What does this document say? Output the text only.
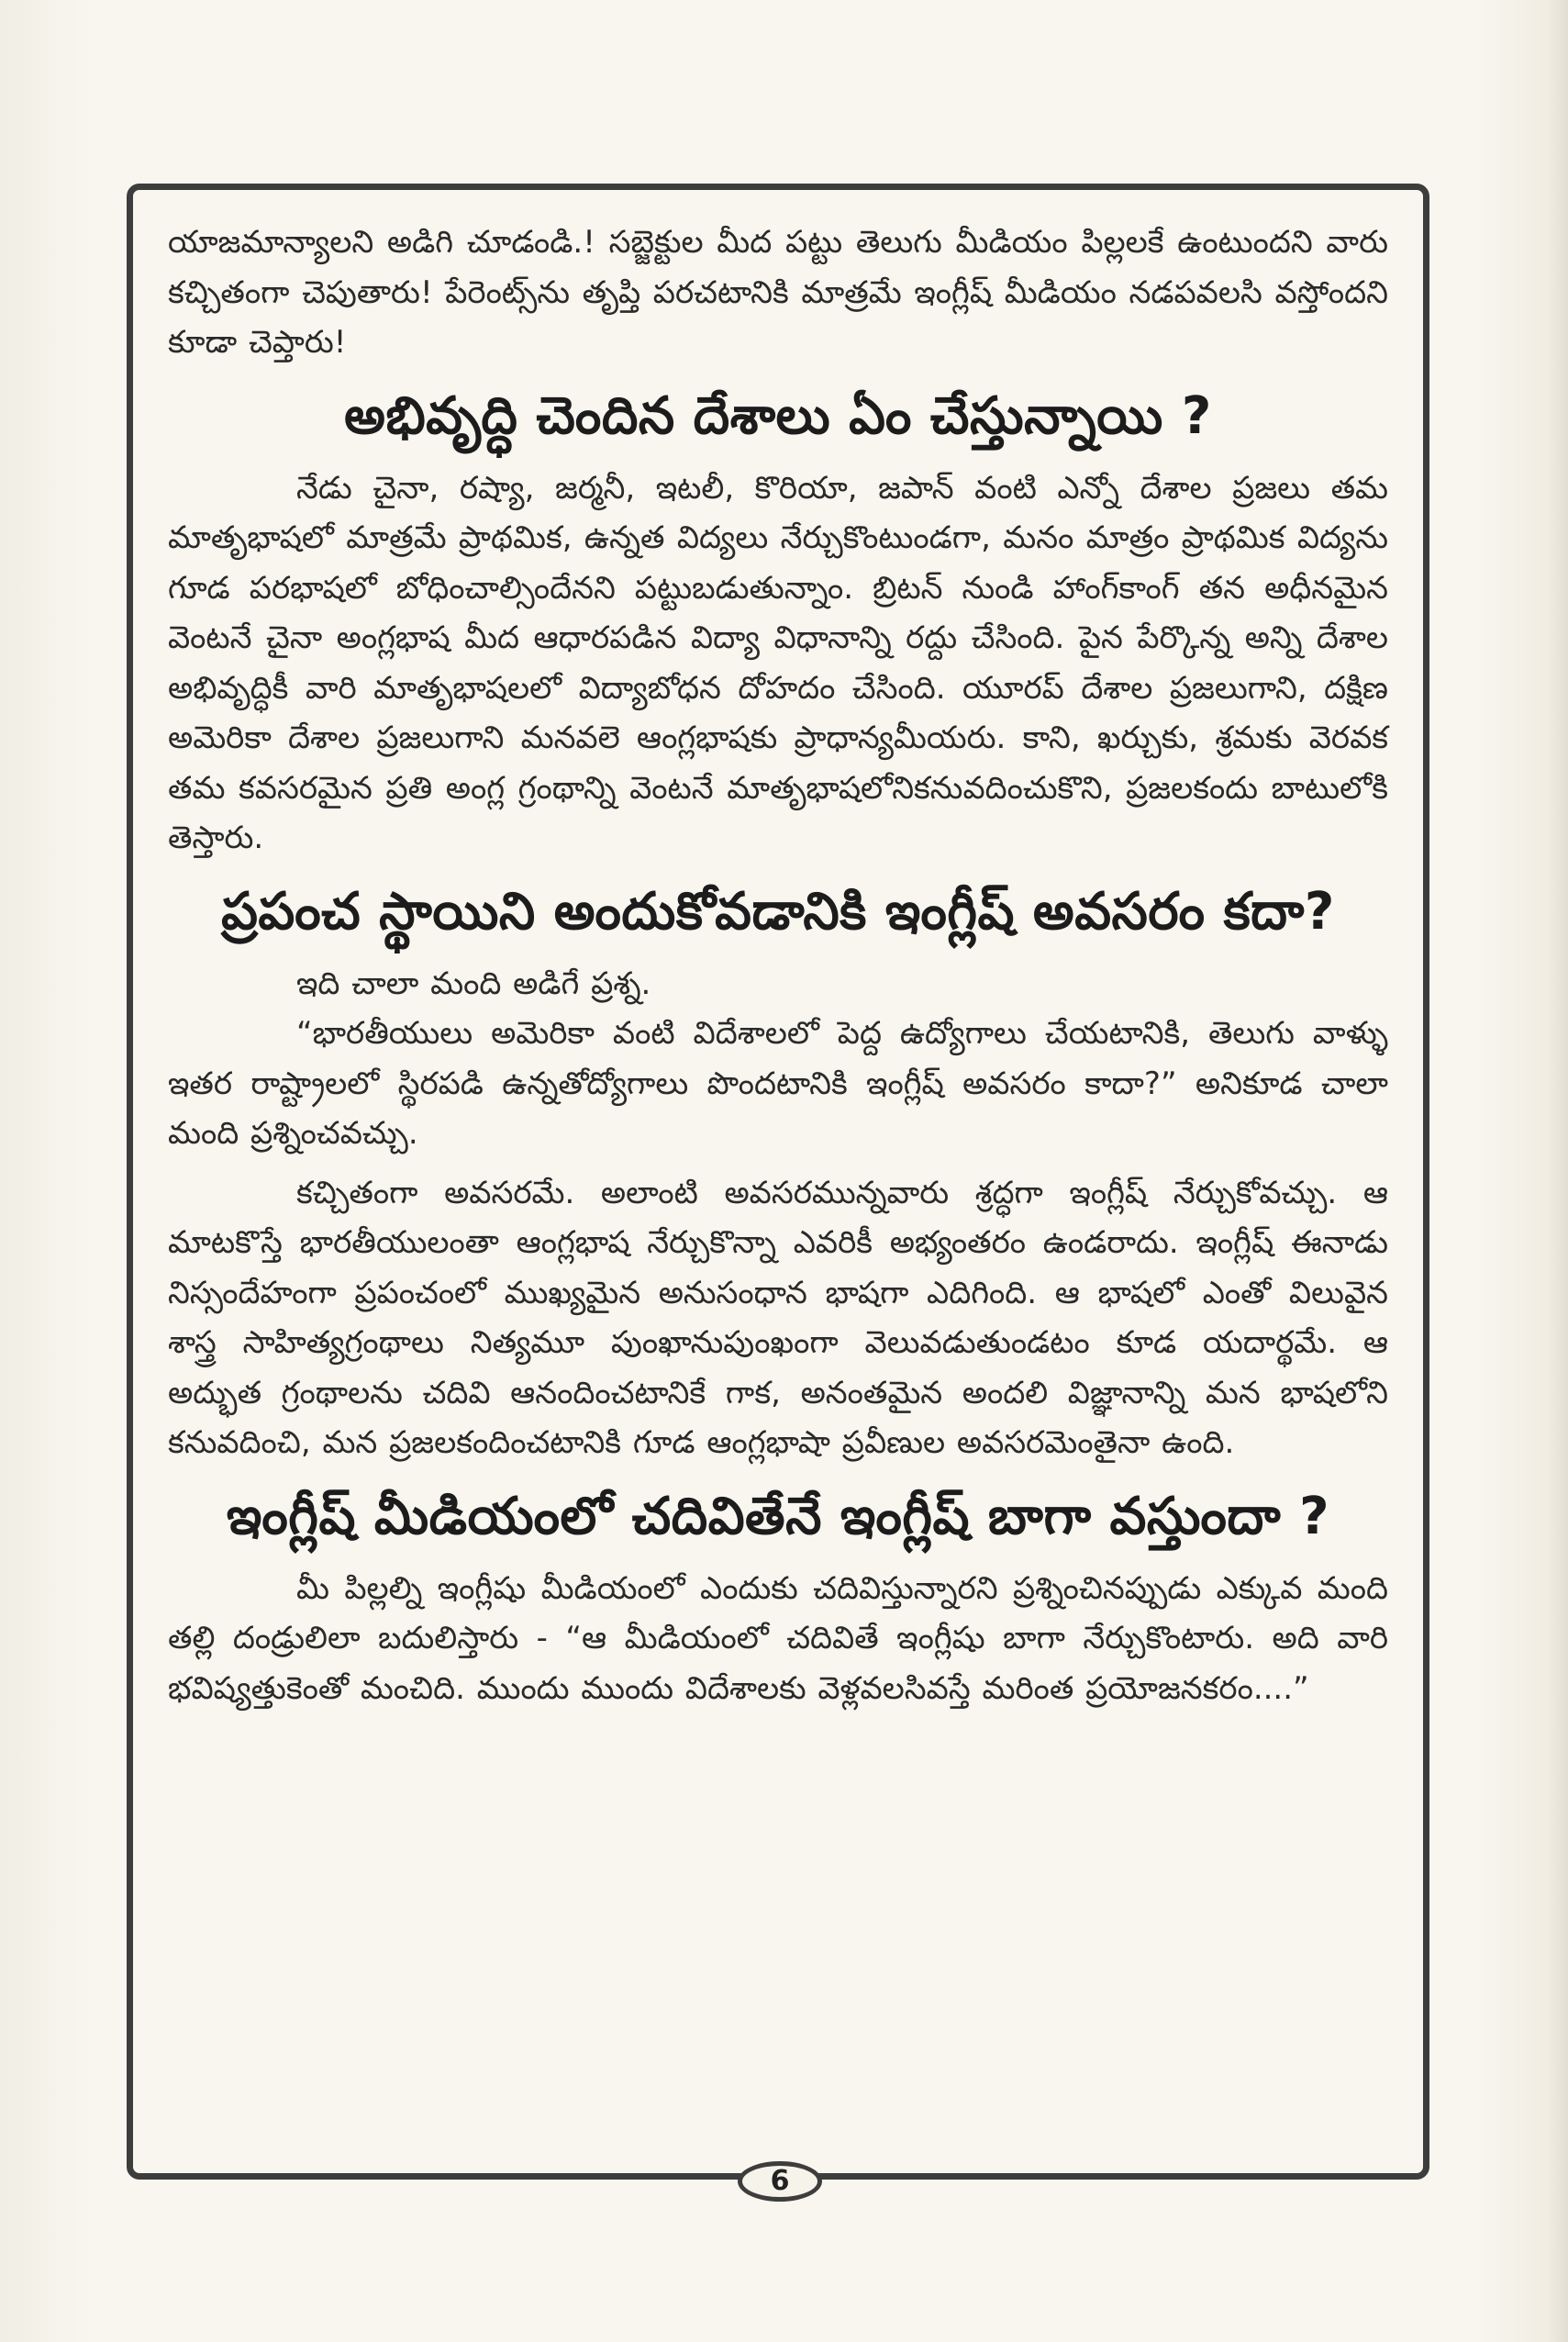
యాజమాన్యాలని అడిగి చూడండి.! సబ్జెక్టుల మీద పట్టు తెలుగు మీడియం పిల్లలకే ఉంటుందని వారు కచ్చితంగా చెపుతారు! పేరెంట్స్‌ను తృప్తి పరచటానికి మాత్రమే ఇంగ్లీష్ మీడియం నడపవలసి వస్తోందని కూడా చెప్తారు!

అభివృద్ధి చెందిన దేశాలు ఏం చేస్తున్నాయి ?

నేడు చైనా, రష్యా, జర్మనీ, ఇటలీ, కొరియా, జపాన్ వంటి ఎన్నో దేశాల ప్రజలు తమ మాతృభాషలో మాత్రమే ప్రాథమిక, ఉన్నత విద్యలు నేర్చుకొంటుండగా, మనం మాత్రం ప్రాథమిక విద్యను గూడ పరభాషలో బోధించాల్సిందేనని పట్టుబడుతున్నాం. బ్రిటన్ నుండి హాంగ్‌కాంగ్ తన అధీనమైన వెంటనే చైనా అంగ్లభాష మీద ఆధారపడిన విద్యా విధానాన్ని రద్దు చేసింది. పైన పేర్కొన్న అన్ని దేశాల అభివృద్ధికీ వారి మాతృభాషలలో విద్యాబోధన దోహదం చేసింది. యూరప్ దేశాల ప్రజలుగాని, దక్షిణ అమెరికా దేశాల ప్రజలుగాని మనవలె ఆంగ్లభాషకు ప్రాధాన్యమీయరు. కాని, ఖర్చుకు, శ్రమకు వెరవక తమ కవసరమైన ప్రతి అంగ్ల గ్రంథాన్ని వెంటనే మాతృభాషలోనికనువదించుకొని, ప్రజలకందు బాటులోకి తెస్తారు.

ప్రపంచ స్థాయిని అందుకోవడానికి ఇంగ్లీష్ అవసరం కదా?

ఇది చాలా మంది అడిగే ప్రశ్న.

“భారతీయులు అమెరికా వంటి విదేశాలలో పెద్ద ఉద్యోగాలు చేయటానికి, తెలుగు వాళ్ళు ఇతర రాష్ట్రాలలో స్థిరపడి ఉన్నతోద్యోగాలు పొందటానికి ఇంగ్లీష్ అవసరం కాదా?” అనికూడ చాలా మంది ప్రశ్నించవచ్చు.

కచ్చితంగా అవసరమే. అలాంటి అవసరమున్నవారు శ్రద్ధగా ఇంగ్లీష్ నేర్చుకోవచ్చు. ఆ మాటకొస్తే భారతీయులంతా ఆంగ్లభాష నేర్చుకొన్నా ఎవరికీ అభ్యంతరం ఉండరాదు. ఇంగ్లీష్ ఈనాడు నిస్సందేహంగా ప్రపంచంలో ముఖ్యమైన అనుసంధాన భాషగా ఎదిగింది. ఆ భాషలో ఎంతో విలువైన శాస్త్ర సాహిత్యగ్రంథాలు నిత్యమూ పుంఖానుపుంఖంగా వెలువడుతుండటం కూడ యదార్థమే. ఆ అద్భుత గ్రంథాలను చదివి ఆనందించటానికే గాక, అనంతమైన అందలి విజ్ఞానాన్ని మన భాషలోని కనువదించి, మన ప్రజలకందించటానికి గూడ ఆంగ్లభాషా ప్రవీణుల అవసరమెంతైనా ఉంది.

ఇంగ్లీష్ మీడియంలో చదివితేనే ఇంగ్లీష్ బాగా వస్తుందా ?

మీ పిల్లల్ని ఇంగ్లీషు మీడియంలో ఎందుకు చదివిస్తున్నారని ప్రశ్నించినప్పుడు ఎక్కువ మంది తల్లి దండ్రులిలా బదులిస్తారు - “ఆ మీడియంలో చదివితే ఇంగ్లీషు బాగా నేర్చుకొంటారు. అది వారి భవిష్యత్తుకెంతో మంచిది. ముందు ముందు విదేశాలకు వెళ్లవలసివస్తే మరింత ప్రయోజనకరం....”

6
